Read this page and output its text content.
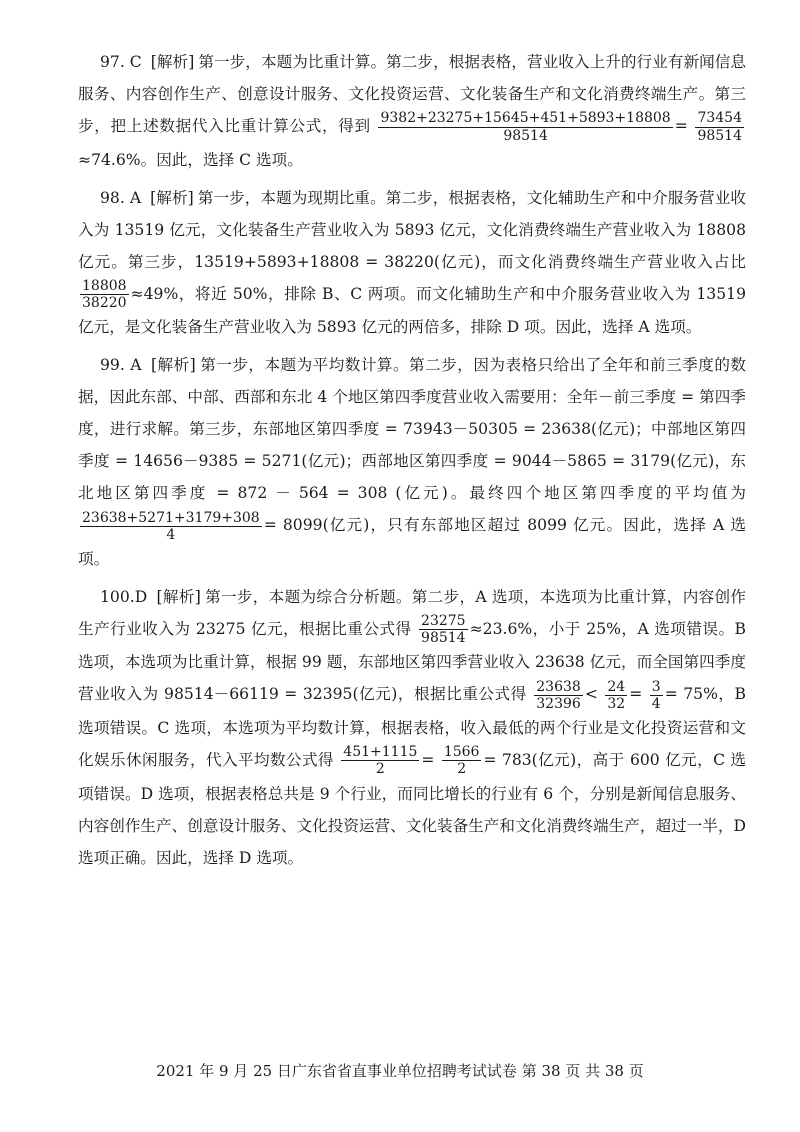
97. C [解析] 第一步，本题为比重计算。第二步，根据表格，营业收入上升的行业有新闻信息服务、内容创作生产、创意设计服务、文化投资运营、文化装备生产和文化消费终端生产。第三步，把上述数据代入比重计算公式，得到 $\frac{9382+23275+15645+451+5893+18808}{98514} = \frac{73454}{98514}$
≈74.6%。因此，选择 C 选项。

98. A [解析] 第一步，本题为现期比重。第二步，根据表格，文化辅助生产和中介服务营业收入为 13519 亿元，文化装备生产营业收入为 5893 亿元，文化消费终端生产营业收入为 18808 亿元。第三步，13519+5893+18808 = 38220(亿元)，而文化消费终端生产营业收入占比
$\frac{18808}{38220} \approx 49\%$，将近 50%，排除 B、C 两项。而文化辅助生产和中介服务营业收入为 13519 亿元，是文化装备生产营业收入为 5893 亿元的两倍多，排除 D 项。因此，选择 A 选项。

99. A [解析] 第一步，本题为平均数计算。第二步，因为表格只给出了全年和前三季度的数据，因此东部、中部、西部和东北 4 个地区第四季度营业收入需要用：全年－前三季度 = 第四季度，进行求解。第三步，东部地区第四季度 = 73943－50305 = 23638(亿元)；中部地区第四季度 = 14656－9385 = 5271(亿元)；西部地区第四季度 = 9044－5865 = 3179(亿元)，东北地区第四季度 = 872 － 564 = 308 (亿元)。最终四个地区第四季度的平均值为
$\frac{23638+5271+3179+308}{4} = 8099$(亿元)，只有东部地区超过 8099 亿元。因此，选择 A 选项。

100.D [解析] 第一步，本题为综合分析题。第二步，A 选项，本选项为比重计算，内容创作生产行业收入为 23275 亿元，根据比重公式得 $\frac{23275}{98514} \approx 23.6\%$，小于 25%，A 选项错误。B 选项，本选项为比重计算，根据 99 题，东部地区第四季营业收入 23638 亿元，而全国第四季度营业收入为 98514－66119 = 32395(亿元)，根据比重公式得 $\frac{23638}{32396} < \frac{24}{32} = \frac{3}{4} = 75\%$，B 选项错误。C 选项，本选项为平均数计算，根据表格，收入最低的两个行业是文化投资运营和文化娱乐休闲服务，代入平均数公式得 $\frac{451+1115}{2} = \frac{1566}{2} = 783$(亿元)，高于 600 亿元，C 选项错误。D 选项，根据表格总共是 9 个行业，而同比增长的行业有 6 个，分别是新闻信息服务、内容创作生产、创意设计服务、文化投资运营、文化装备生产和文化消费终端生产，超过一半，D 选项正确。因此，选择 D 选项。

2021 年 9 月 25 日广东省省直事业单位招聘考试试卷 第 38 页 共 38 页
